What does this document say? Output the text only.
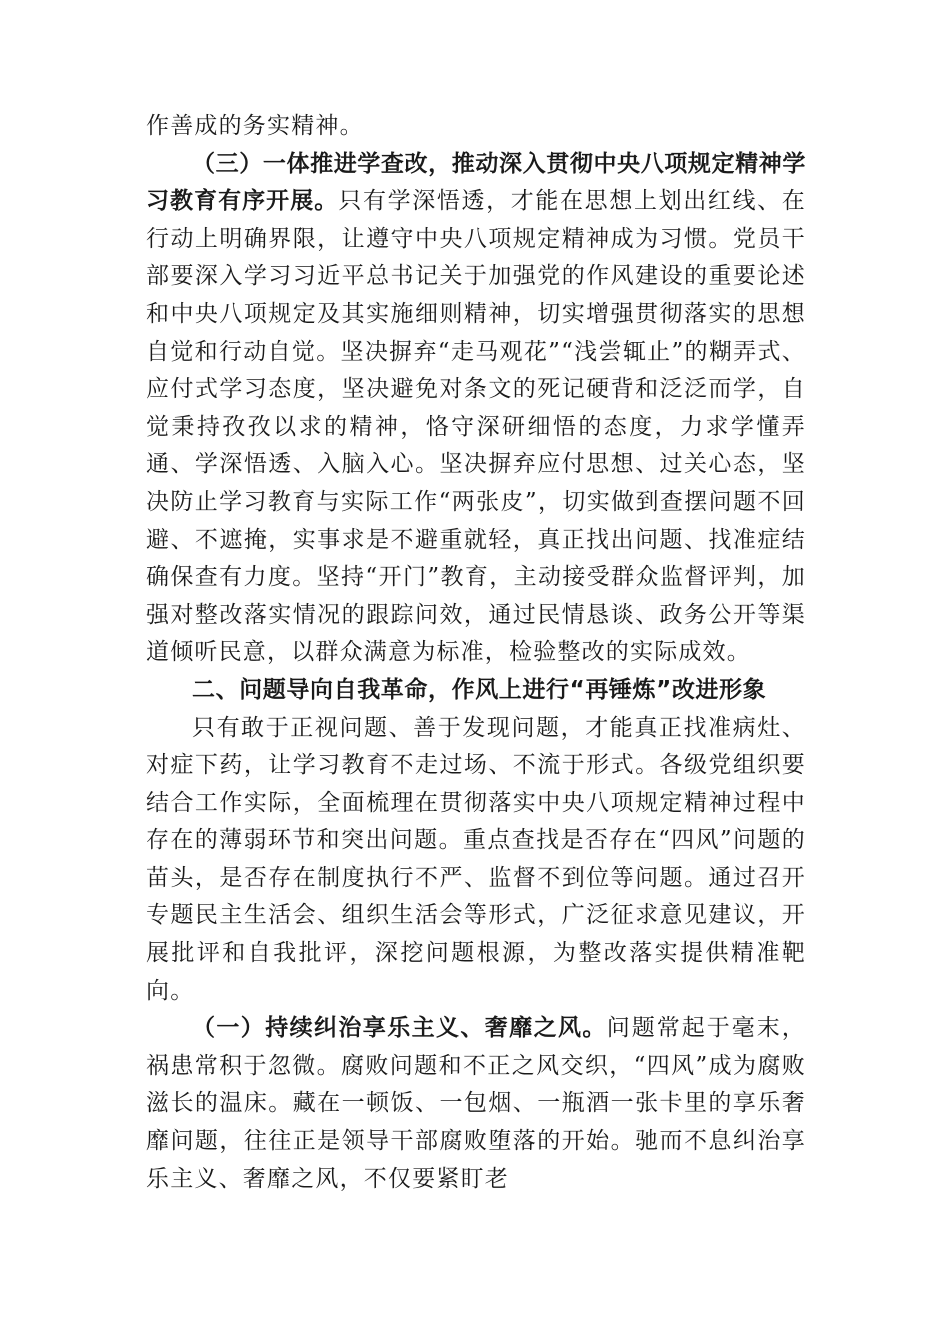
作善成的务实精神。

（三）一体推进学查改，推动深入贯彻中央八项规定精神学习教育有序开展。只有学深悟透，才能在思想上划出红线、在行动上明确界限，让遵守中央八项规定精神成为习惯。党员干部要深入学习习近平总书记关于加强党的作风建设的重要论述和中央八项规定及其实施细则精神，切实增强贯彻落实的思想自觉和行动自觉。坚决摒弃“走马观花”“浅尝辄止”的糊弄式、应付式学习态度，坚决避免对条文的死记硬背和泛泛而学，自觉秉持孜孜以求的精神，恪守深研细悟的态度，力求学懂弄通、学深悟透、入脑入心。坚决摒弃应付思想、过关心态，坚决防止学习教育与实际工作“两张皮”，切实做到查摆问题不回避、不遮掩，实事求是不避重就轻，真正找出问题、找准症结确保查有力度。坚持“开门”教育，主动接受群众监督评判，加强对整改落实情况的跟踪问效，通过民情恳谈、政务公开等渠道倾听民意，以群众满意为标准，检验整改的实际成效。

二、问题导向自我革命，作风上进行“再锤炼”改进形象

只有敢于正视问题、善于发现问题，才能真正找准病灶、对症下药，让学习教育不走过场、不流于形式。各级党组织要结合工作实际，全面梳理在贯彻落实中央八项规定精神过程中存在的薄弱环节和突出问题。重点查找是否存在“四风”问题的苗头，是否存在制度执行不严、监督不到位等问题。通过召开专题民主生活会、组织生活会等形式，广泛征求意见建议，开展批评和自我批评，深挖问题根源，为整改落实提供精准靶向。

（一）持续纠治享乐主义、奢靡之风。问题常起于毫末，祸患常积于忽微。腐败问题和不正之风交织，“四风”成为腐败滋长的温床。藏在一顿饭、一包烟、一瓶酒一张卡里的享乐奢靡问题，往往正是领导干部腐败堕落的开始。驰而不息纠治享乐主义、奢靡之风，不仅要紧盯老
